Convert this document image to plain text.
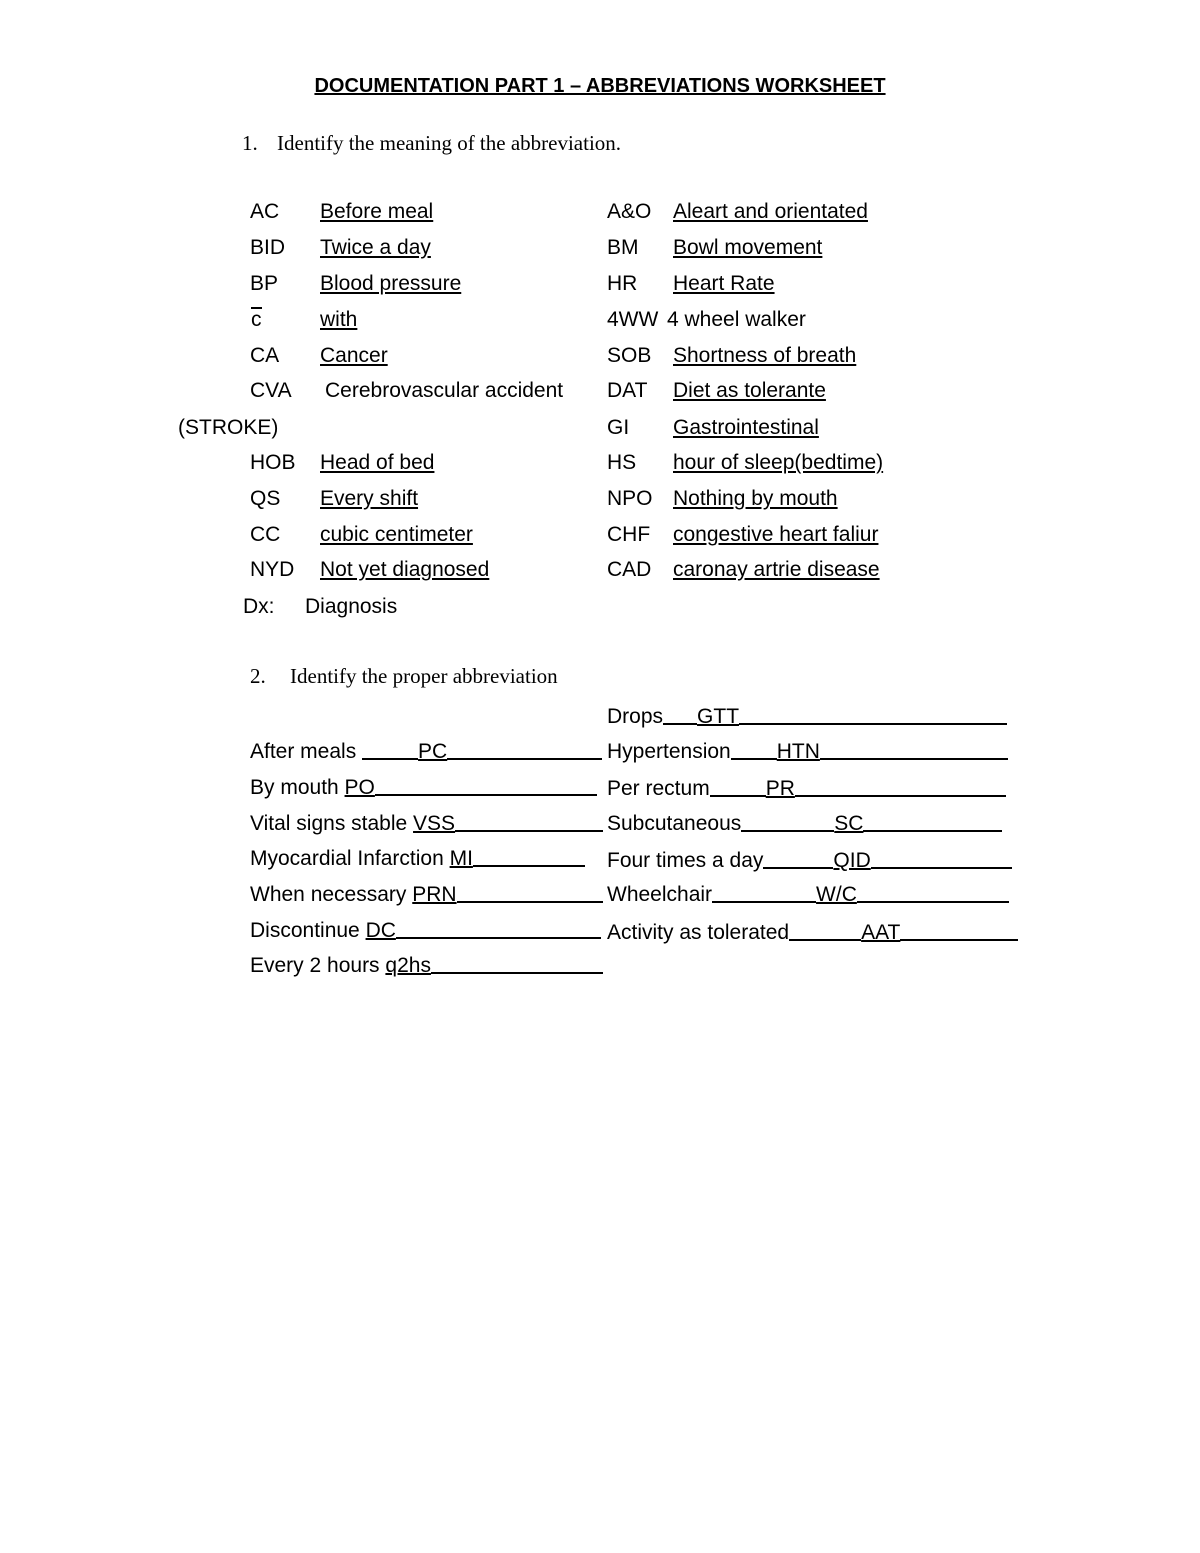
DOCUMENTATION PART 1 – ABBREVIATIONS WORKSHEET
1. Identify the meaning of the abbreviation.
AC Before meal
BID Twice a day
BP Blood pressure
c	with
CA Cancer
CVA Cerebrovascular accident
(STROKE)
HOB Head of bed
QS Every shift
CC cubic centimeter
NYD Not yet diagnosed
Dx: Diagnosis
A&O Aleart and orientated
BM Bowl movement
HR Heart Rate
4WW 4 wheel walker
SOB Shortness of breath
DAT Diet as tolerante
GI Gastrointestinal
HS hour of sleep(bedtime)
NPO Nothing by mouth
CHF congestive heart faliur
CAD caronay artrie disease
2. Identify the proper abbreviation
After meals	PC
By mouth PO
Vital signs stable VSS
Myocardial Infarction MI
When necessary PRN
Discontinue DC
Every 2 hours q2hs
Drops GTT
Hypertension HTN
Per rectum	PR
Subcutaneous	SC
Four times a day	QID
Wheelchair	W/C
Activity as tolerated	AAT
